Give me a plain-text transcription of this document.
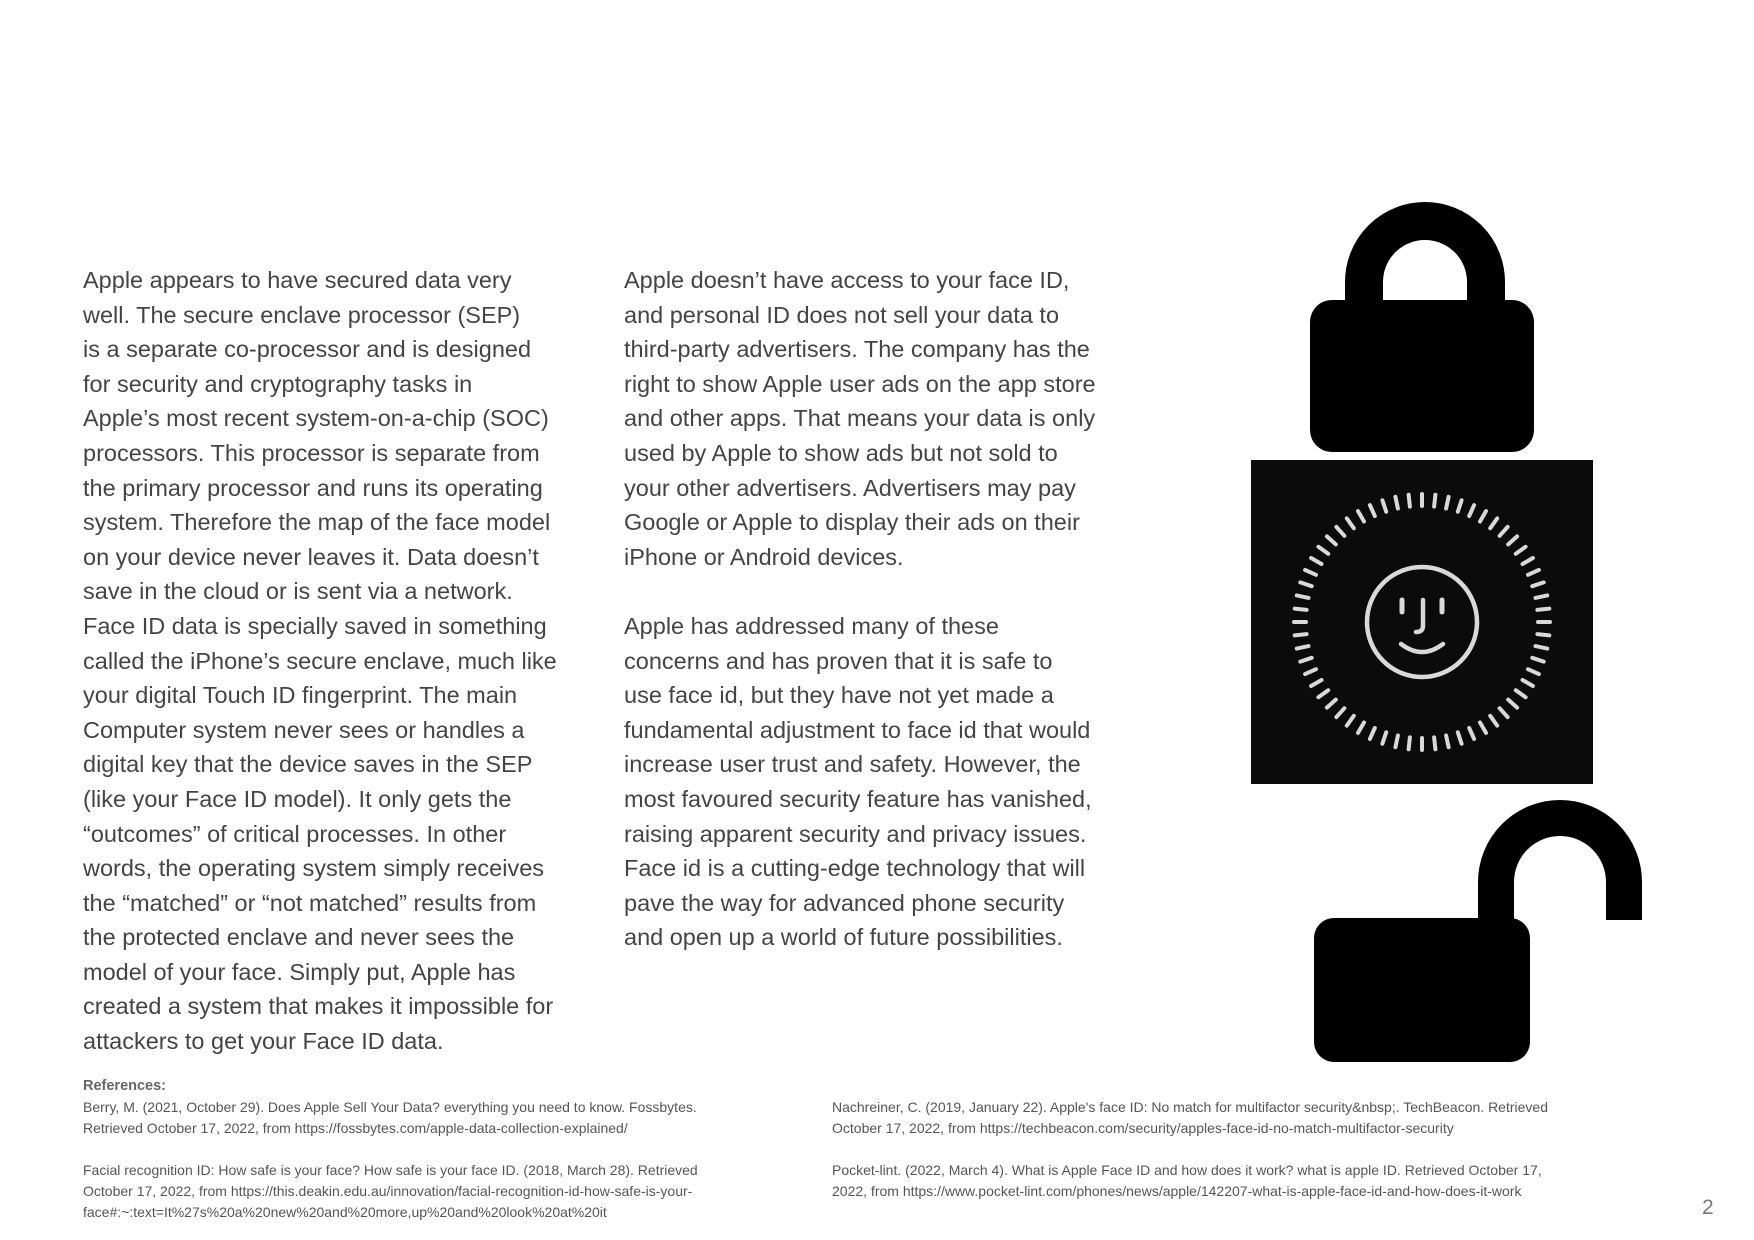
Apple appears to have secured data very
well. The secure enclave processor (SEP)
is a separate co-processor and is designed
for security and cryptography tasks in
Apple’s most recent system-on-a-chip (SOC)
processors. This processor is separate from
the primary processor and runs its operating
system. Therefore the map of the face model
on your device never leaves it. Data doesn’t
save in the cloud or is sent via a network.
Face ID data is specially saved in something
called the iPhone’s secure enclave, much like
your digital Touch ID fingerprint. The main
Computer system never sees or handles a
digital key that the device saves in the SEP
(like your Face ID model). It only gets the
“outcomes” of critical processes. In other
words, the operating system simply receives
the “matched” or “not matched” results from
the protected enclave and never sees the
model of your face. Simply put, Apple has
created a system that makes it impossible for
attackers to get your Face ID data.

Apple doesn’t have access to your face ID,
and personal ID does not sell your data to
third-party advertisers. The company has the
right to show Apple user ads on the app store
and other apps. That means your data is only
used by Apple to show ads but not sold to
your other advertisers. Advertisers may pay
Google or Apple to display their ads on their
iPhone or Android devices.

Apple has addressed many of these
concerns and has proven that it is safe to
use face id, but they have not yet made a
fundamental adjustment to face id that would
increase user trust and safety. However, the
most favoured security feature has vanished,
raising apparent security and privacy issues.
Face id is a cutting-edge technology that will
pave the way for advanced phone security
and open up a world of future possibilities.

References:

Berry, M. (2021, October 29). Does Apple Sell Your Data? everything you need to know. Fossbytes.
Retrieved October 17, 2022, from https://fossbytes.com/apple-data-collection-explained/

Facial recognition ID: How safe is your face? How safe is your face ID. (2018, March 28). Retrieved
October 17, 2022, from https://this.deakin.edu.au/innovation/facial-recognition-id-how-safe-is-your-
face#:~:text=It%27s%20a%20new%20and%20more,up%20and%20look%20at%20it

Nachreiner, C. (2019, January 22). Apple's face ID: No match for multifactor security&nbsp;. TechBeacon. Retrieved
October 17, 2022, from https://techbeacon.com/security/apples-face-id-no-match-multifactor-security

Pocket-lint. (2022, March 4). What is Apple Face ID and how does it work? what is apple ID. Retrieved October 17,
2022, from https://www.pocket-lint.com/phones/news/apple/142207-what-is-apple-face-id-and-how-does-it-work

2
